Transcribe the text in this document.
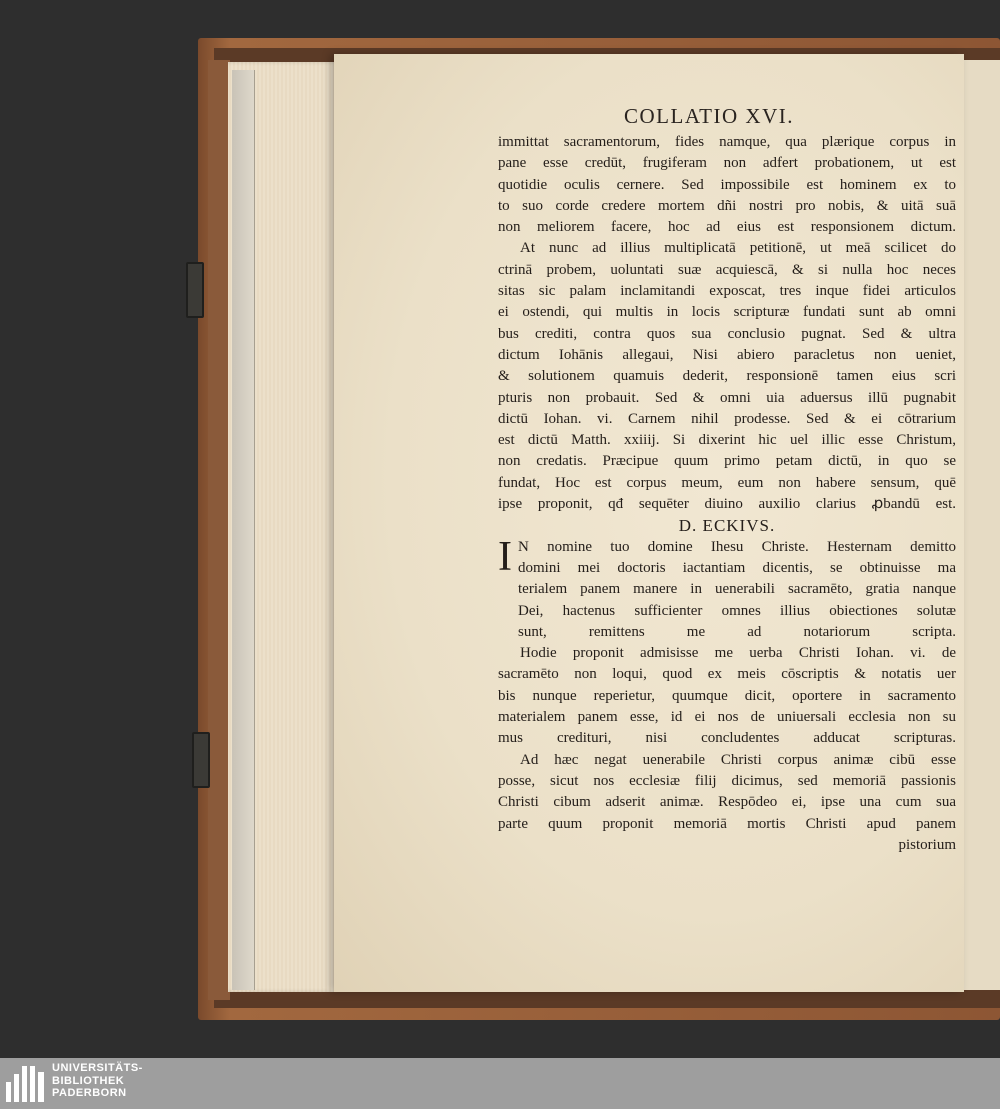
COLLATIO XVI.
immittat sacramentorum, fides namque, qua plærique corpus in
pane esse credūt, frugiferam non adfert probationem, ut est
quotidie oculis cernere. Sed impossibile est hominem ex to
to suo corde credere mortem dñi nostri pro nobis, & uitā suā
non meliorem facere, hoc ad eius est responsionem dictum.
At nunc ad illius multiplicatā petitionē, ut meā scilicet do
ctrinā probem, uoluntati suæ acquiescā, & si nulla hoc neces
sitas sic palam inclamitandi exposcat, tres inque fidei articulos
ei ostendi, qui multis in locis scripturæ fundati sunt ab omni
bus crediti, contra quos sua conclusio pugnat. Sed & ultra
dictum Iohānis allegaui, Nisi abiero paracletus non ueniet,
& solutionem quamuis dederit, responsionē tamen eius scri
pturis non probauit. Sed & omni uia aduersus illū pugnabit
dictū Iohan. vi. Carnem nihil prodesse. Sed & ei cōtrarium
est dictū Matth. xxiiij. Si dixerint hic uel illic esse Christum,
non credatis. Præcipue quum primo petam dictū, in quo se
fundat, Hoc est corpus meum, eum non habere sensum, quē
ipse proponit, qđ sequēter diuino auxilio clarius ꝓbandū est.
D. ECKIVS.
I N nomine tuo domine Ihesu Christe. Hesternam demitto
domini mei doctoris iactantiam dicentis, se obtinuisse ma
terialem panem manere in uenerabili sacramēto, gratia nanque
Dei, hactenus sufficienter omnes illius obiectiones solutæ
sunt, remittens me ad notariorum scripta.
Hodie proponit admisisse me uerba Christi Iohan. vi. de
sacramēto non loqui, quod ex meis cōscriptis & notatis uer
bis nunque reperietur, quumque dicit, oportere in sacramento
materialem panem esse, id ei nos de uniuersali ecclesia non su
mus credituri, nisi concludentes adducat scripturas.
Ad hæc negat uenerabile Christi corpus animæ cibū esse
posse, sicut nos ecclesiæ filij dicimus, sed memoriā passionis
Christi cibum adserit animæ. Respōdeo ei, ipse una cum sua
parte quum proponit memoriā mortis Christi apud panem
pistorium
UNIVERSITÄTS-
BIBLIOTHEK
PADERBORN
